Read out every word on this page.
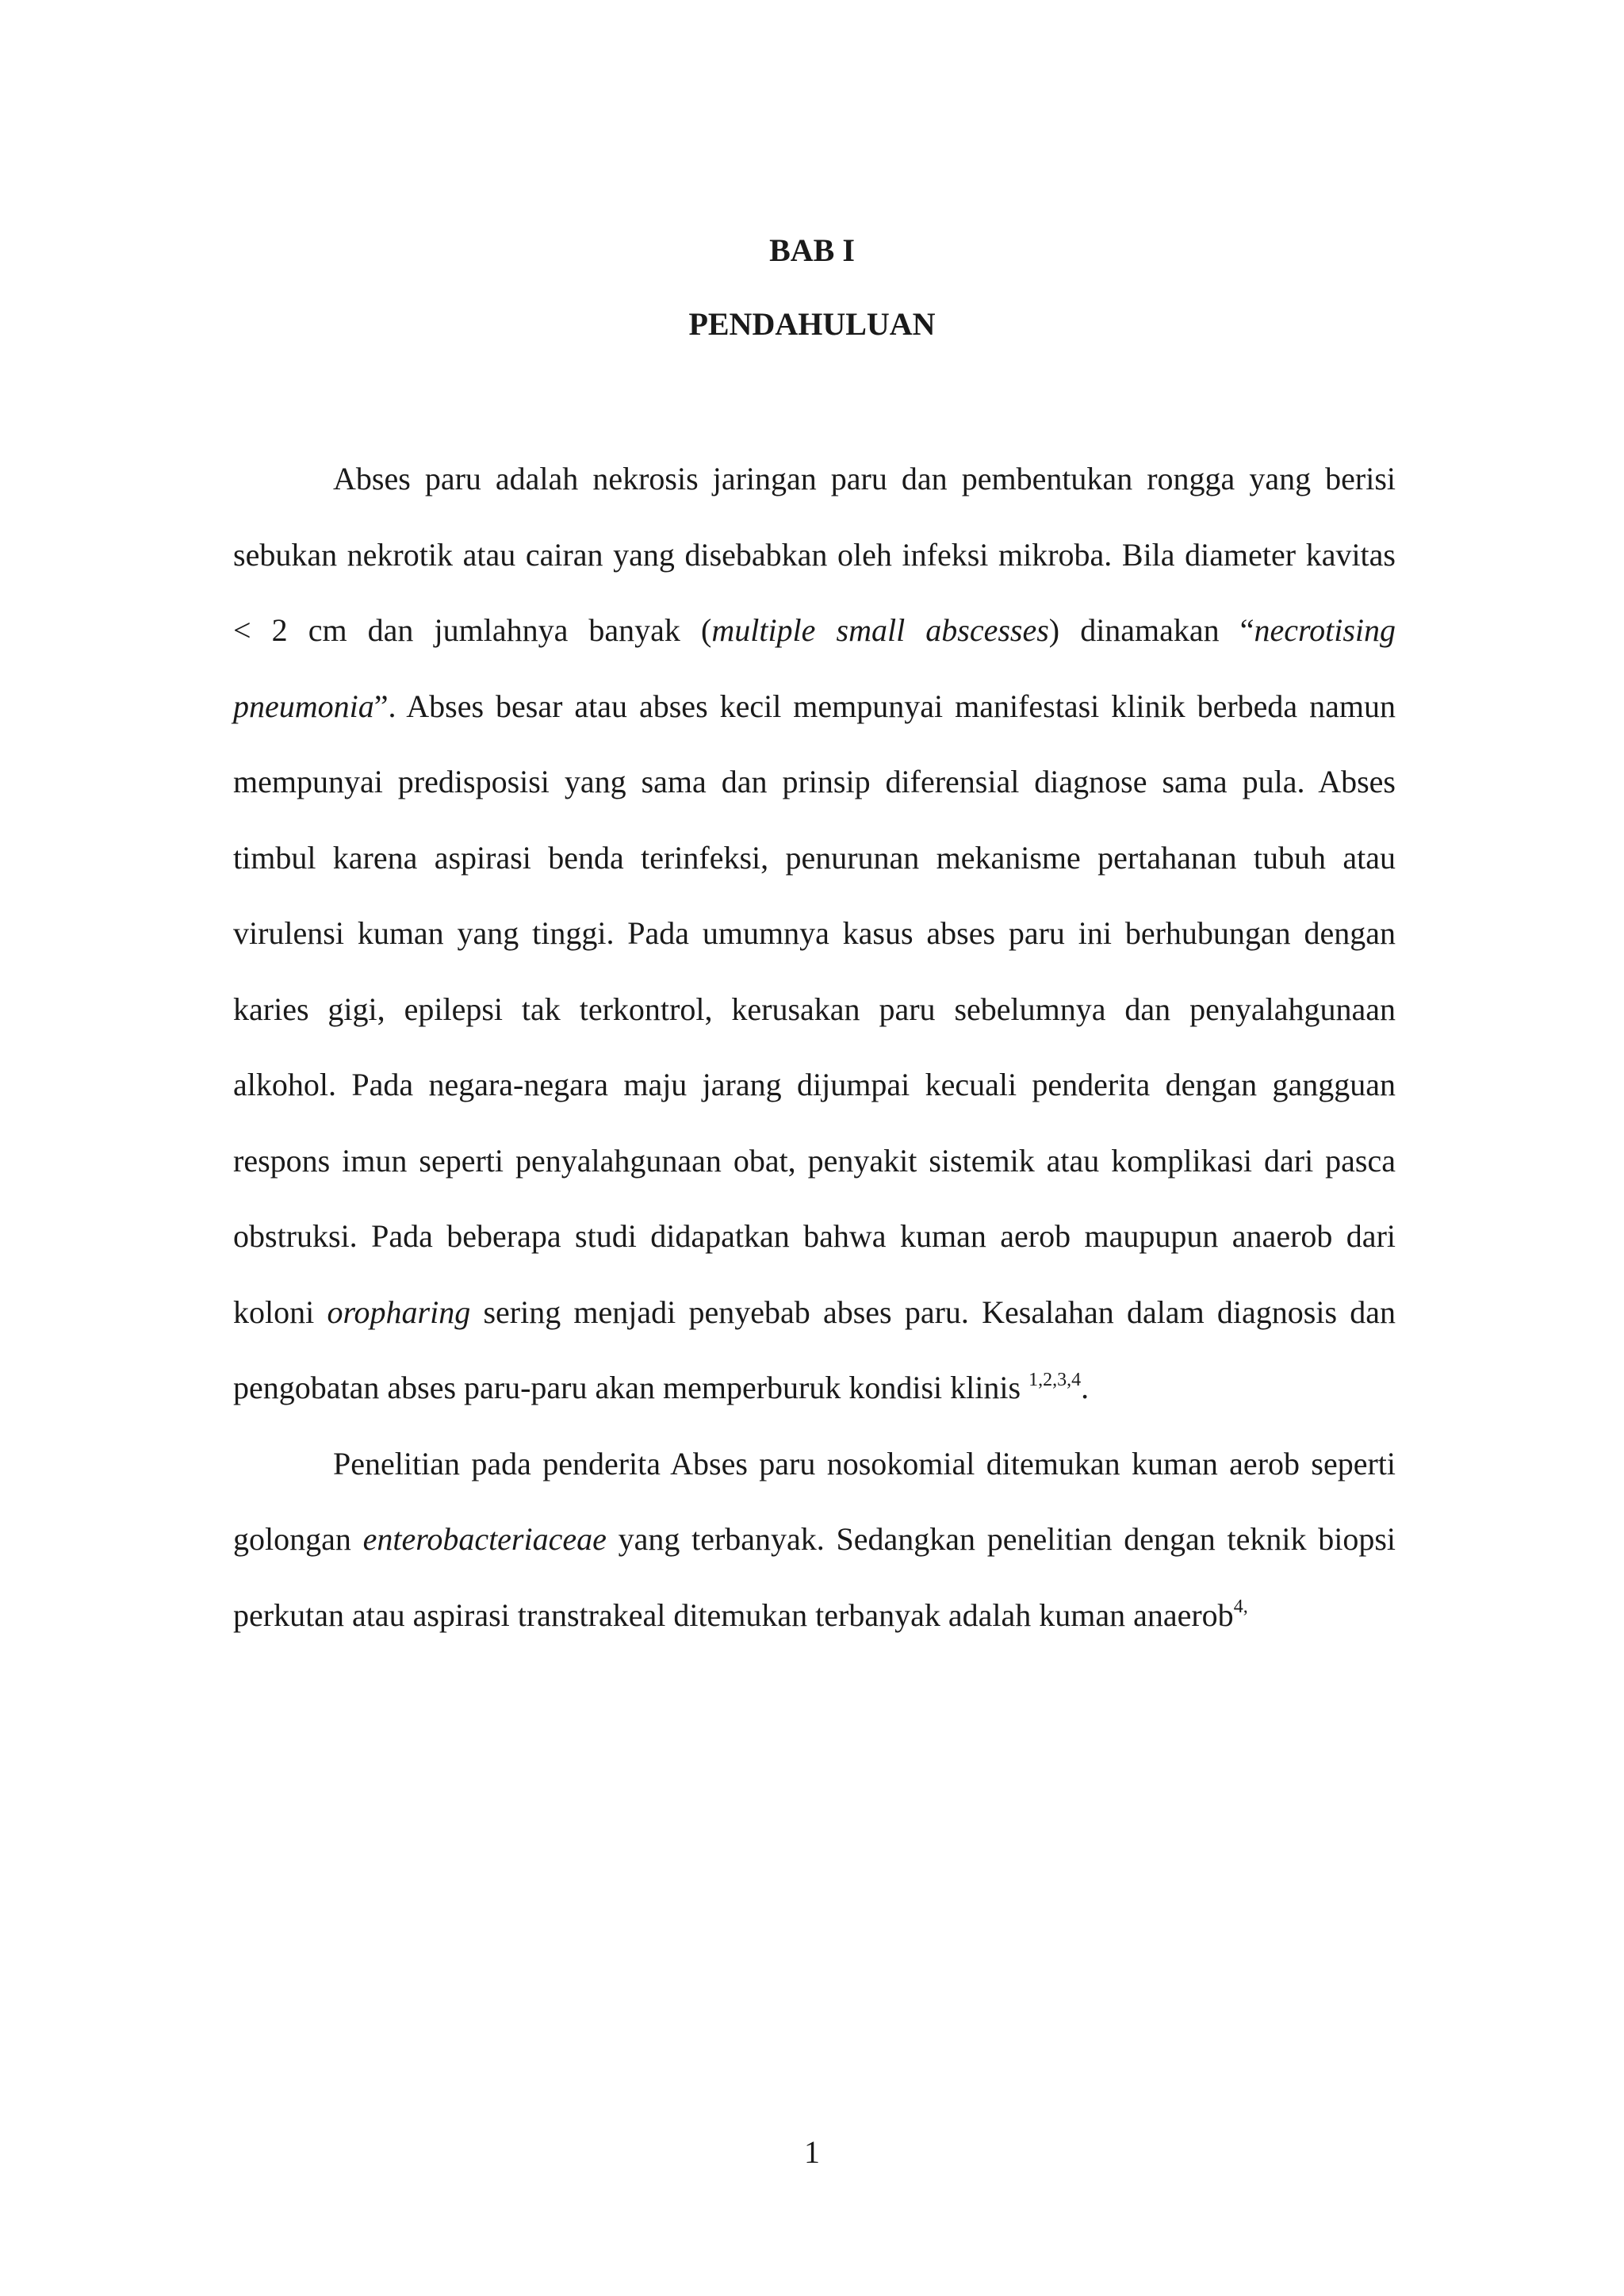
BAB I
PENDAHULUAN

Abses paru adalah nekrosis jaringan paru dan pembentukan rongga yang berisi sebukan nekrotik atau cairan yang disebabkan oleh infeksi mikroba. Bila diameter kavitas < 2 cm dan jumlahnya banyak (multiple small abscesses) dinamakan “necrotising pneumonia”. Abses besar atau abses kecil mempunyai manifestasi klinik berbeda namun mempunyai predisposisi yang sama dan prinsip diferensial diagnose sama pula. Abses timbul karena aspirasi benda terinfeksi, penurunan mekanisme pertahanan tubuh atau virulensi kuman yang tinggi. Pada umumnya kasus abses paru ini berhubungan dengan karies gigi, epilepsi tak terkontrol, kerusakan paru sebelumnya dan penyalahgunaan alkohol. Pada negara-negara maju jarang dijumpai kecuali penderita dengan gangguan respons imun seperti penyalahgunaan obat, penyakit sistemik atau komplikasi dari pasca obstruksi. Pada beberapa studi didapatkan bahwa kuman aerob maupupun anaerob dari koloni oropharing sering menjadi penyebab abses paru. Kesalahan dalam diagnosis dan pengobatan abses paru-paru akan memperburuk kondisi klinis $^{1,2,3,4}$.

Penelitian pada penderita Abses paru nosokomial ditemukan kuman aerob seperti golongan enterobacteriaceae yang terbanyak. Sedangkan penelitian dengan teknik biopsi perkutan atau aspirasi transtrakeal ditemukan terbanyak adalah kuman anaerob$^{4,}$

1
